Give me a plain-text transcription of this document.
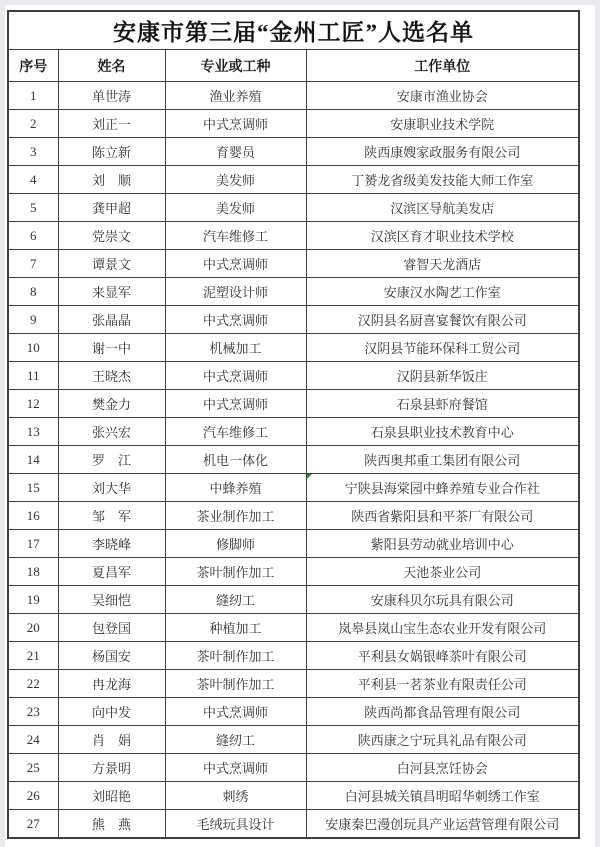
安康市第三届“金州工匠”人选名单			
序号	姓名	专业或工种	工作单位
1	单世涛	渔业养殖	安康市渔业协会
2	刘正一	中式烹调师	安康职业技术学院
3	陈立新	育婴员	陕西康嫂家政服务有限公司
4	刘　顺	美发师	丁赟龙省级美发技能大师工作室
5	龚甲超	美发师	汉滨区导航美发店
6	党崇文	汽车维修工	汉滨区育才职业技术学校
7	谭景文	中式烹调师	睿智天龙酒店
8	来显军	泥塑设计师	安康汉水陶艺工作室
9	张晶晶	中式烹调师	汉阴县名厨喜宴餐饮有限公司
10	谢一中	机械加工	汉阴县节能环保科工贸公司
11	王晓杰	中式烹调师	汉阴县新华饭庄
12	樊金力	中式烹调师	石泉县虾府餐馆
13	张兴宏	汽车维修工	石泉县职业技术教育中心
14	罗　江	机电一体化	陕西奥邦重工集团有限公司
15	刘大华	中蜂养殖	宁陕县海棠园中蜂养殖专业合作社
16	邹　军	茶业制作加工	陕西省紫阳县和平茶厂有限公司
17	李晓峰	修脚师	紫阳县劳动就业培训中心
18	夏昌军	茶叶制作加工	天池茶业公司
19	吴细恺	缝纫工	安康科贝尔玩具有限公司
20	包登国	种植加工	岚皋县岚山宝生态农业开发有限公司
21	杨国安	茶叶制作加工	平利县女娲银峰茶叶有限公司
22	冉龙海	茶叶制作加工	平利县一茗茶业有限责任公司
23	向中发	中式烹调师	陕西尚都食品管理有限公司
24	肖　娟	缝纫工	陕西康之宁玩具礼品有限公司
25	方景明	中式烹调师	白河县烹饪协会
26	刘昭艳	刺绣	白河县城关镇昌明昭华刺绣工作室
27	熊　燕	毛绒玩具设计	安康秦巴漫创玩具产业运营管理有限公司
